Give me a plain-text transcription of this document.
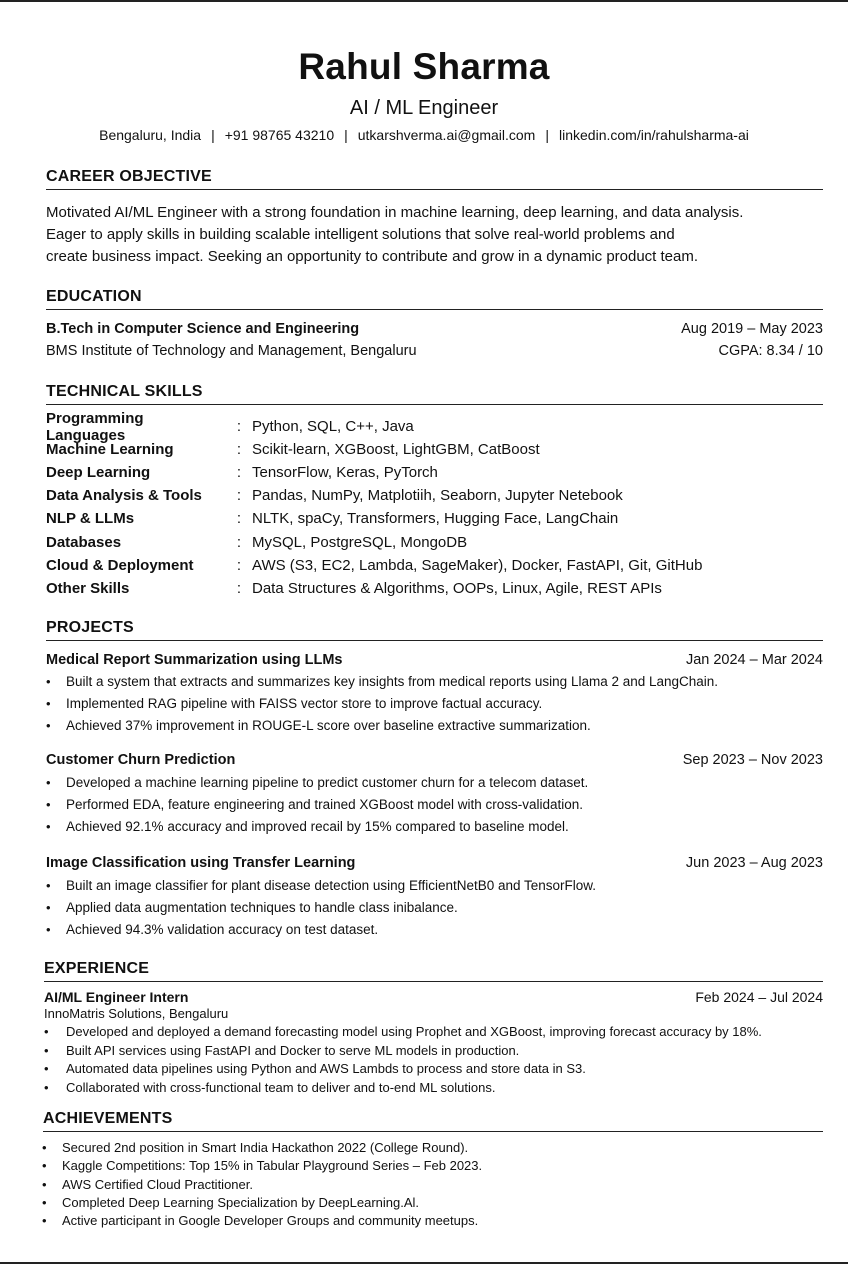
Rahul Sharma
AI / ML Engineer
Bengaluru, India | +91 98765 43210 | utkarshverma.ai@gmail.com | linkedin.com/in/rahulsharma-ai
CAREER OBJECTIVE
Motivated AI/ML Engineer with a strong foundation in machine learning, deep learning, and data analysis.
Eager to apply skills in building scalable intelligent solutions that solve real-world problems and
create business impact. Seeking an opportunity to contribute and grow in a dynamic product team.
EDUCATION
B.Tech in Computer Science and Engineering	Aug 2019 – May 2023
BMS Institute of Technology and Management, Bengaluru	CGPA: 8.34 / 10
TECHNICAL SKILLS
Programming Languages	: Python, SQL, C++, Java
Machine Learning	: Scikit-learn, XGBoost, LightGBM, CatBoost
Deep Learning	: TensorFlow, Keras, PyTorch
Data Analysis & Tools	: Pandas, NumPy, Matplotiih, Seaborn, Jupyter Netebook
NLP & LLMs	: NLTK, spaCy, Transformers, Hugging Face, LangChain
Databases	: MySQL, PostgreSQL, MongoDB
Cloud & Deployment	: AWS (S3, EC2, Lambda, SageMaker), Docker, FastAPI, Git, GitHub
Other Skills	: Data Structures & Algorithms, OOPs, Linux, Agile, REST APIs
PROJECTS
Medical Report Summarization using LLMs	Jan 2024 – Mar 2024
• Built a system that extracts and summarizes key insights from medical reports using Llama 2 and LangChain.
• Implemented RAG pipeline with FAISS vector store to improve factual accuracy.
• Achieved 37% improvement in ROUGE-L score over baseline extractive summarization.
Customer Churn Prediction	Sep 2023 – Nov 2023
• Developed a machine learning pipeline to predict customer churn for a telecom dataset.
• Performed EDA, feature engineering and trained XGBoost model with cross-validation.
• Achieved 92.1% accuracy and improved recail by 15% compared to baseline model.
Image Classification using Transfer Learning	Jun 2023 – Aug 2023
• Built an image classifier for plant disease detection using EfficientNetB0 and TensorFlow.
• Applied data augmentation techniques to handle class inibalance.
• Achieved 94.3% validation accuracy on test dataset.
EXPERIENCE
AI/ML Engineer Intern	Feb 2024 – Jul 2024
InnoMatris Solutions, Bengaluru
• Developed and deployed a demand forecasting model using Prophet and XGBoost, improving forecast accuracy by 18%.
• Built API services using FastAPI and Docker to serve ML models in production.
• Automated data pipelines using Python and AWS Lambds to process and store data in S3.
• Collaborated with cross-functional team to deliver and to-end ML solutions.
ACHIEVEMENTS
• Secured 2nd position in Smart India Hackathon 2022 (College Round).
• Kaggle Competitions: Top 15% in Tabular Playground Series – Feb 2023.
• AWS Certified Cloud Practitioner.
• Completed Deep Learning Specialization by DeepLearning.Al.
• Active participant in Google Developer Groups and community meetups.
